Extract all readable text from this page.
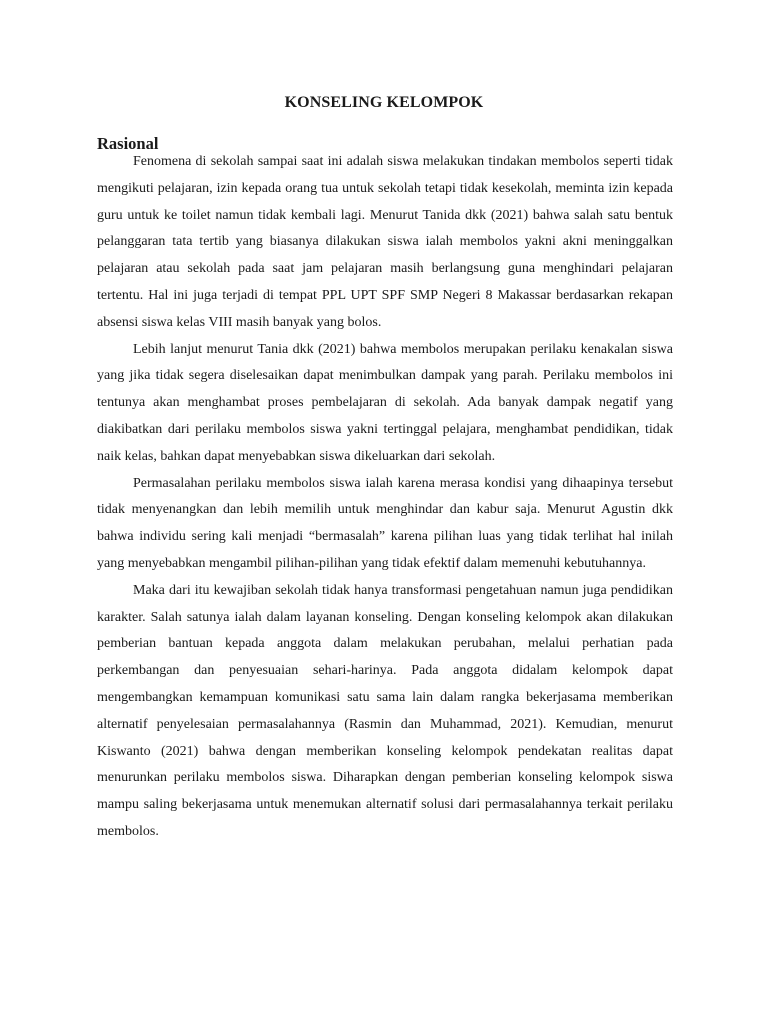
KONSELING KELOMPOK
Rasional

Fenomena di sekolah sampai saat ini adalah siswa melakukan tindakan membolos seperti tidak mengikuti pelajaran, izin kepada orang tua untuk sekolah tetapi tidak kesekolah, meminta izin kepada guru untuk ke toilet namun tidak kembali lagi. Menurut Tanida dkk (2021) bahwa salah satu bentuk pelanggaran tata tertib yang biasanya dilakukan siswa ialah membolos yakni akni meninggalkan pelajaran atau sekolah pada saat jam pelajaran masih berlangsung guna menghindari pelajaran tertentu. Hal ini juga terjadi di tempat PPL UPT SPF SMP Negeri 8 Makassar berdasarkan rekapan absensi siswa kelas VIII masih banyak yang bolos.

Lebih lanjut menurut Tania dkk (2021) bahwa membolos merupakan perilaku kenakalan siswa yang jika tidak segera diselesaikan dapat menimbulkan dampak yang parah. Perilaku membolos ini tentunya akan menghambat proses pembelajaran di sekolah. Ada banyak dampak negatif yang diakibatkan dari perilaku membolos siswa yakni tertinggal pelajara, menghambat pendidikan, tidak naik kelas, bahkan dapat menyebabkan siswa dikeluarkan dari sekolah.

Permasalahan perilaku membolos siswa ialah karena merasa kondisi yang dihaapinya tersebut tidak menyenangkan dan lebih memilih untuk menghindar dan kabur saja. Menurut Agustin dkk bahwa individu sering kali menjadi “bermasalah” karena pilihan luas yang tidak terlihat hal inilah yang menyebabkan mengambil pilihan-pilihan yang tidak efektif dalam memenuhi kebutuhannya.

Maka dari itu kewajiban sekolah tidak hanya transformasi pengetahuan namun juga pendidikan karakter. Salah satunya ialah dalam layanan konseling. Dengan konseling kelompok akan dilakukan pemberian bantuan kepada anggota dalam melakukan perubahan, melalui perhatian pada perkembangan dan penyesuaian sehari-harinya. Pada anggota didalam kelompok dapat mengembangkan kemampuan komunikasi satu sama lain dalam rangka bekerjasama memberikan alternatif penyelesaian permasalahannya (Rasmin dan Muhammad, 2021). Kemudian, menurut Kiswanto (2021) bahwa dengan memberikan konseling kelompok pendekatan realitas dapat menurunkan perilaku membolos siswa. Diharapkan dengan pemberian konseling kelompok siswa mampu saling bekerjasama untuk menemukan alternatif solusi dari permasalahannya terkait perilaku membolos.
